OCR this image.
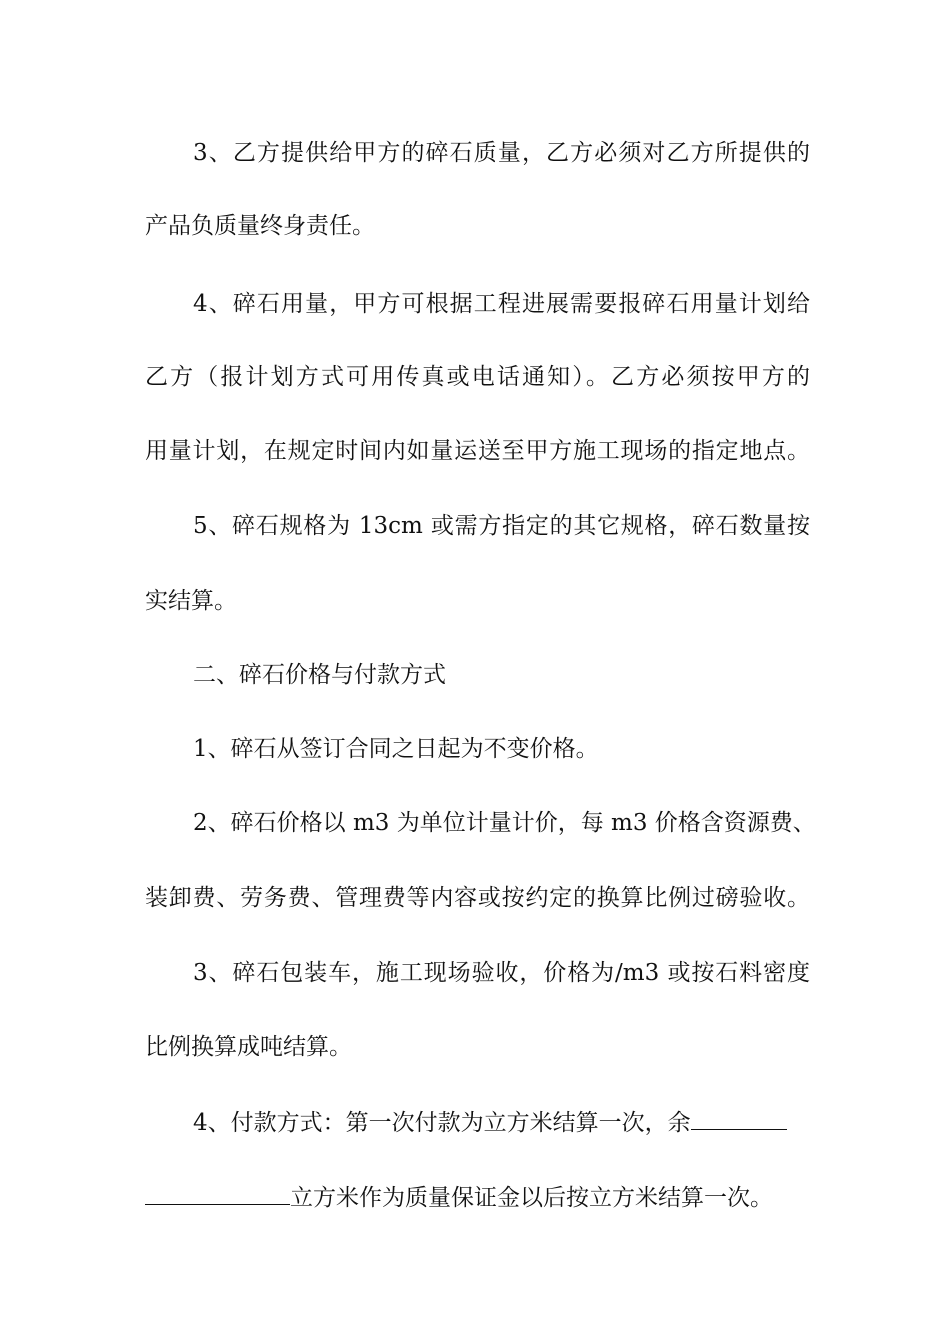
3、乙方提供给甲方的碎石质量，乙方必须对乙方所提供的
产品负质量终身责任。
4、碎石用量，甲方可根据工程进展需要报碎石用量计划给
乙方（报计划方式可用传真或电话通知）。乙方必须按甲方的
用量计划，在规定时间内如量运送至甲方施工现场的指定地点。
5、碎石规格为 13cm 或需方指定的其它规格，碎石数量按
实结算。
二、碎石价格与付款方式
1、碎石从签订合同之日起为不变价格。
2、碎石价格以 m3 为单位计量计价，每 m3 价格含资源费、
装卸费、劳务费、管理费等内容或按约定的换算比例过磅验收。
3、碎石包装车，施工现场验收，价格为/m3 或按石料密度
比例换算成吨结算。
4、付款方式：第一次付款为立方米结算一次，余
立方米作为质量保证金以后按立方米结算一次。
